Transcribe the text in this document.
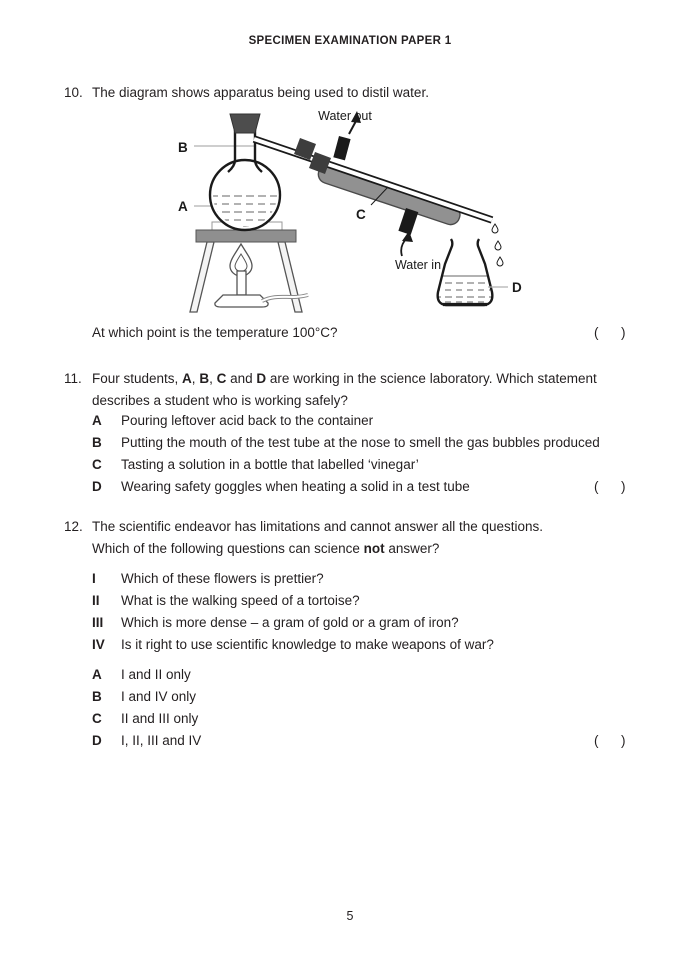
SPECIMEN EXAMINATION PAPER 1
10. The diagram shows apparatus being used to distil water.
B
A
C
D
Water out
Water in
At which point is the temperature 100°C?	(      )
11. Four students, A, B, C and D are working in the science laboratory. Which statement
describes a student who is working safely?
A	Pouring leftover acid back to the container
B	Putting the mouth of the test tube at the nose to smell the gas bubbles produced
C	Tasting a solution in a bottle that labelled ‘vinegar’
D	Wearing safety goggles when heating a solid in a test tube	(      )
12. The scientific endeavor has limitations and cannot answer all the questions.
Which of the following questions can science not answer?
I	Which of these flowers is prettier?
II	What is the walking speed of a tortoise?
III	Which is more dense – a gram of gold or a gram of iron?
IV	Is it right to use scientific knowledge to make weapons of war?
A	I and II only
B	I and IV only
C	II and III only
D	I, II, III and IV	(      )
5
